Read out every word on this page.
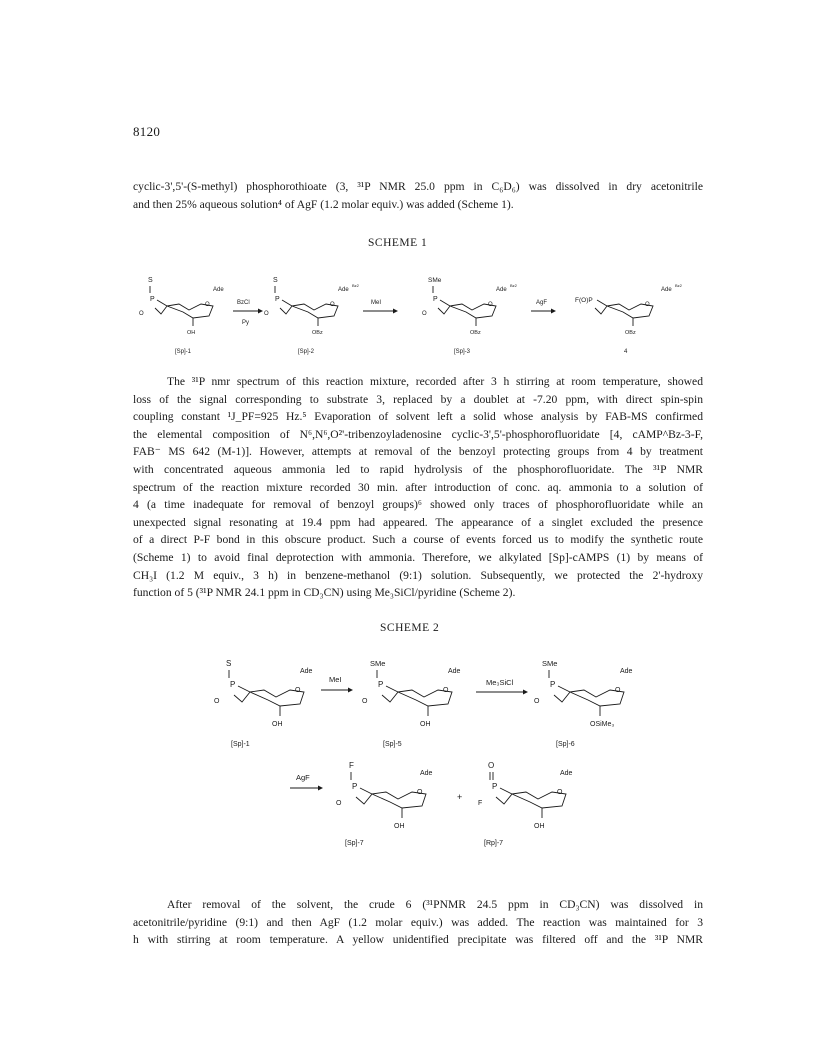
8120
cyclic-3',5'-(S-methyl) phosphorothioate (3, ³¹P NMR 25.0 ppm in C₆D₆) was dissolved in dry acetonitrile
and then 25% aqueous solution⁴ of AgF (1.2 molar equiv.) was added (Scheme 1).
SCHEME 1
S
P
O
O
Ade
OH
BzCl
Py
S
P
O
O
Ade
Bz2
OBz
MeI
SMe
P
O
O
Ade
Bz2
OBz
AgF	F(O)P
O
Ade
Bz2
OBz
[Sp]-1	[Sp]-2	[Sp]-3	4
The ³¹P nmr spectrum of this reaction mixture, recorded after 3 h stirring at room temperature, showed
loss of the signal corresponding to substrate 3, replaced by a doublet at -7.20 ppm, with direct spin-spin
coupling constant ¹J_PF=925 Hz.⁵ Evaporation of solvent left a solid whose analysis by FAB-MS confirmed
the elemental composition of N⁶,N⁶,O²'-tribenzoyladenosine cyclic-3',5'-phosphorofluoridate [4, cAMP^Bz-3-F,
FAB⁻ MS 642 (M-1)]. However, attempts at removal of the benzoyl protecting groups from 4 by treatment
with concentrated aqueous ammonia led to rapid hydrolysis of the phosphorofluoridate. The ³¹P NMR
spectrum of the reaction mixture recorded 30 min. after introduction of conc. aq. ammonia to a solution of
4 (a time inadequate for removal of benzoyl groups)⁶ showed only traces of phosphorofluoridate while an
unexpected signal resonating at 19.4 ppm had appeared. The appearance of a singlet excluded the presence
of a direct P-F bond in this obscure product. Such a course of events forced us to modify the synthetic route
(Scheme 1) to avoid final deprotection with ammonia. Therefore, we alkylated [Sp]-cAMPS (1) by means of
CH₃I (1.2 M equiv., 3 h) in benzene-methanol (9:1) solution. Subsequently, we protected the 2'-hydroxy
function of 5 (³¹P NMR 24.1 ppm in CD₃CN) using Me₃SiCl/pyridine (Scheme 2).
SCHEME 2
S
P
O
O
Ade
OH
MeI
SMe
P
O
O
Ade
OH
Me₃SiCl
SMe
P
O
O
Ade
OSiMe₃
[Sp]-1	[Sp]-5	[Sp]-6
AgF
F
P
O
O
Ade
OH
+
O
P
F
O
Ade
OH
[Sp]-7	[Rp]-7
After removal of the solvent, the crude 6 (³¹PNMR 24.5 ppm in CD₃CN) was dissolved in
acetonitrile/pyridine (9:1) and then AgF (1.2 molar equiv.) was added. The reaction was maintained for 3
h with stirring at room temperature. A yellow unidentified precipitate was filtered off and the ³¹P NMR
